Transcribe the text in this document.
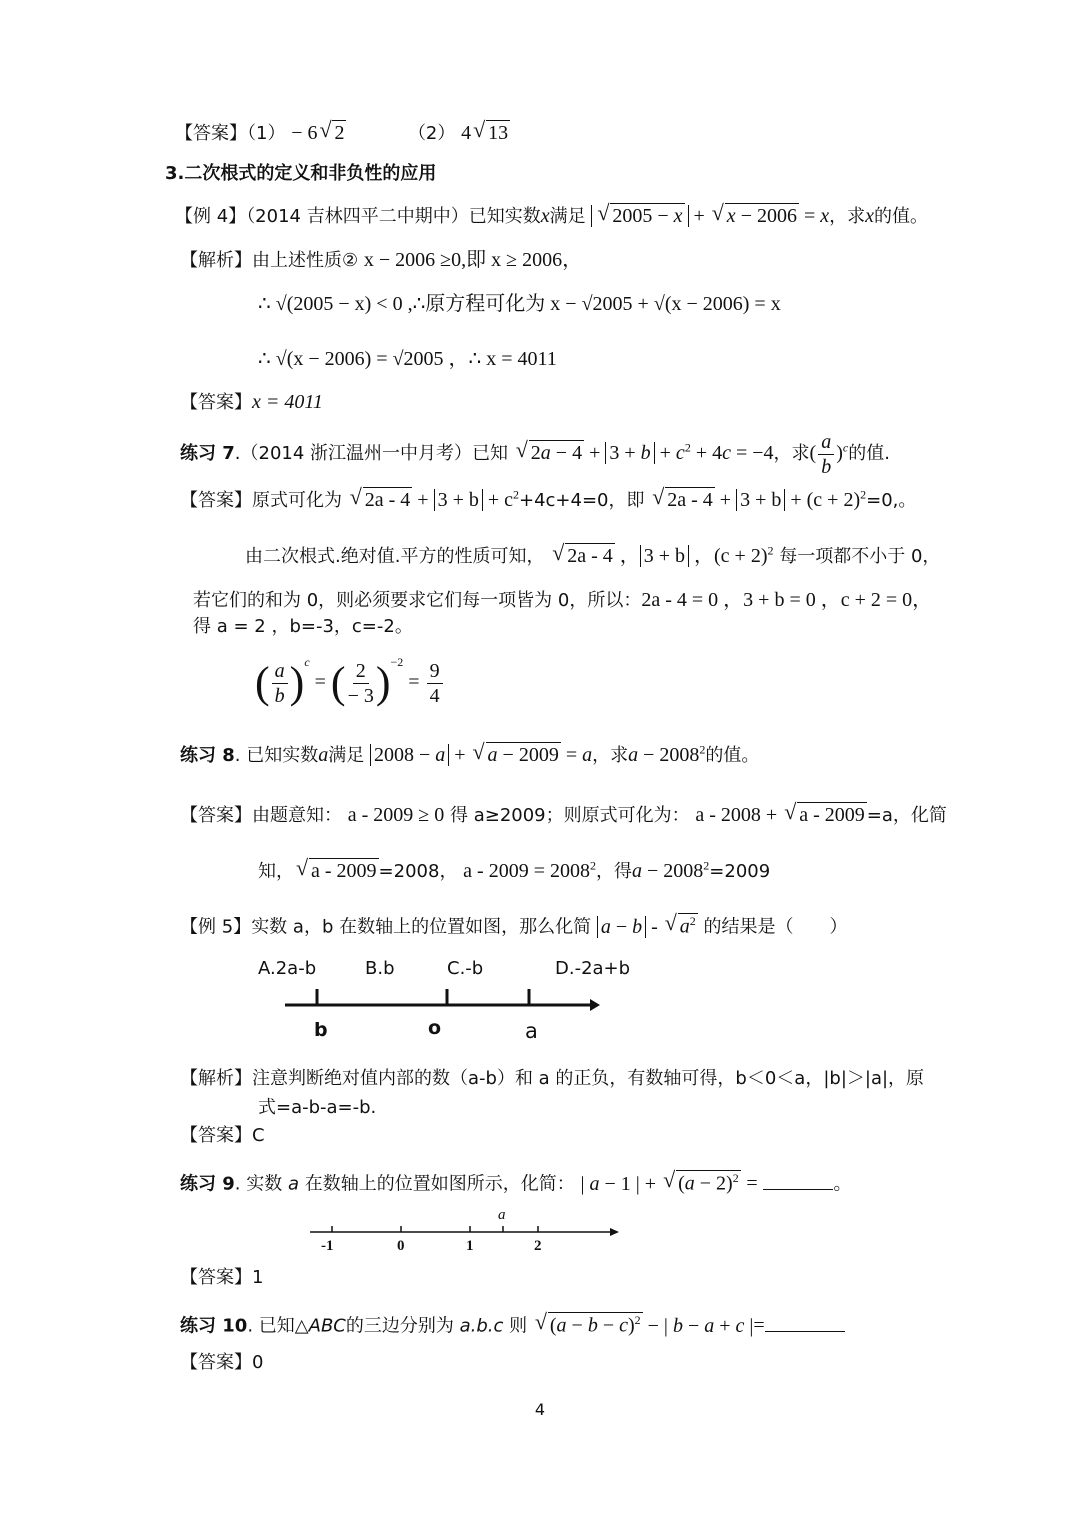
【答案】（1） − 6 √ 2	（2） 4 √ 13
3.二次根式的定义和非负性的应用
【例 4】（2014 吉林四平二中期中）已知实数x满足 √ 2005 − x + √ x − 2006 = x，求x的值。
【解析】由上述性质② x − 2006 ≥0,即 x ≥ 2006，
∴ √(2005 − x) < 0 ,∴原方程可化为 x − √2005 + √(x − 2006) = x
∴ √(x − 2006) = √2005 ，∴ x = 4011
【答案】x = 4011
练习 7.（2014 浙江温州一中月考）已知 √ $2a - 4 + 3 + b + c^2 + 4c = -4$，求( $\frac{a}{b} )^c$的值.
【答案】原式可化为 √ $2a - 4 + 3 + b + c^2+4c+4=0$，即 √ $2a - 4 + 3 + b + (c + 2)^2=0$,。
由二次根式.绝对值.平方的性质可知， √ 2a - 4 ， 3 + b ，$(c + 2)^2$ 每一项都不小于 0，
若它们的和为 0，则必须要求它们每一项皆为 0，所以：2a - 4 = 0 ，3 + b = 0 ，c + 2 = 0，
得 a = 2 ，b=-3，c=-2。
( $\frac{a}{b} )^c$ = ( $\frac{2}{- 3} )^{-2} = \frac{9}{4}$
练习 8. 已知实数a满足 2008 − a + √ a − 2009 = a，求$a - 2008^2$的值。
【答案】由题意知： a - 2009 ≥ 0 得 a≥2009；则原式可化为： a - 2008 + √ a - 2009 =a，化简
知， √ a - 2009 =2008， $a - 2009 = 2008^2$，得$a - 2008^2=2009$
【例 5】实数 a，b 在数轴上的位置如图，那么化简 a − b - √ $a^2$ 的结果是（　　）
A.2a-b	B.b	C.-b	D.-2a+b
b	o	a
【解析】注意判断绝对值内部的数（a-b）和 a 的正负，有数轴可得，b＜0＜a，|b|＞|a|，原
式=a-b-a=-b.
【答案】C
练习 9. 实数 a 在数轴上的位置如图所示，化简： | a − 1 | + √ $(a - 2)^2$ =	。
a
-1	0	1	2
【答案】1
练习 10. 已知△ABC的三边分别为 a.b.c 则 √ $(a - b - c)^2$ − | b − a + c |=
【答案】0
4
